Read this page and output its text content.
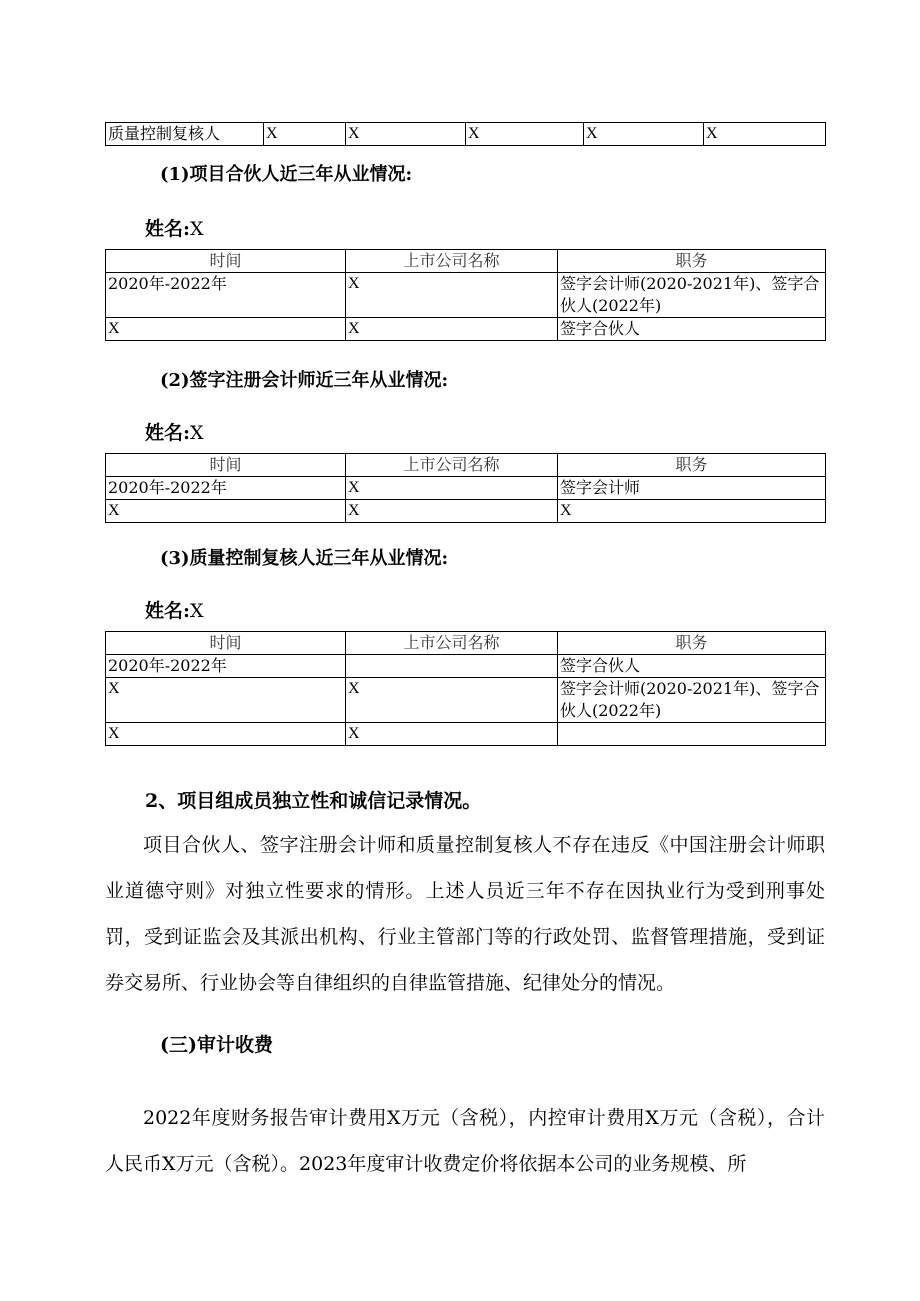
质量控制复核人	X	X	X	X	X
(1)项目合伙人近三年从业情况:
姓名:X
时间	上市公司名称	职务
2020年-2022年	X	签字会计师(2020-2021年)、签字合伙人(2022年)
X	X	签字合伙人
(2)签字注册会计师近三年从业情况:
姓名:X
时间	上市公司名称	职务
2020年-2022年	X	签字会计师
X	X	X
(3)质量控制复核人近三年从业情况:
姓名:X
时间	上市公司名称	职务
2020年-2022年		签字合伙人
X	X	签字会计师(2020-2021年)、签字合伙人(2022年)
X	X	
2、项目组成员独立性和诚信记录情况。
项目合伙人、签字注册会计师和质量控制复核人不存在违反《中国注册会计师职业道德守则》对独立性要求的情形。上述人员近三年不存在因执业行为受到刑事处罚，受到证监会及其派出机构、行业主管部门等的行政处罚、监督管理措施，受到证券交易所、行业协会等自律组织的自律监管措施、纪律处分的情况。
(三)审计收费
2022年度财务报告审计费用X万元（含税），内控审计费用X万元（含税），合计人民币X万元（含税）。2023年度审计收费定价将依据本公司的业务规模、所
